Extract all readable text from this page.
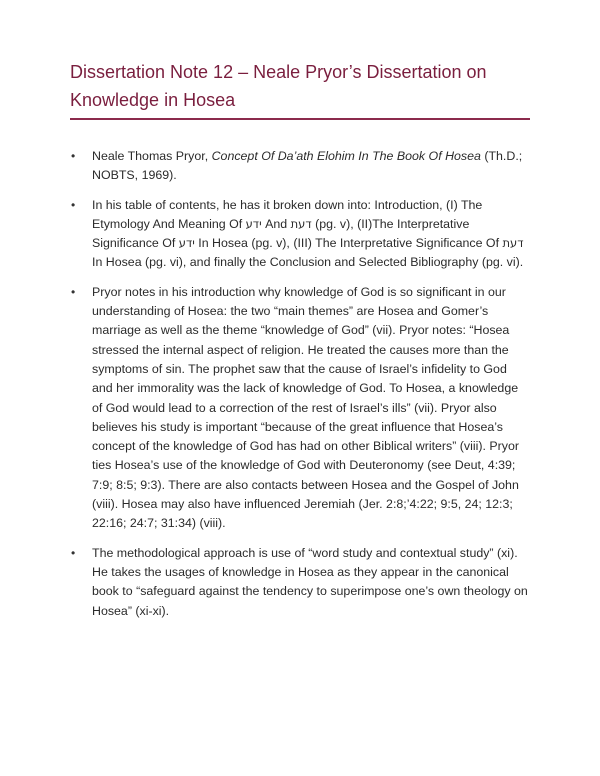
Dissertation Note 12 – Neale Pryor’s Dissertation on Knowledge in Hosea
• Neale Thomas Pryor, Concept Of Da’ath Elohim In The Book Of Hosea (Th.D.; NOBTS, 1969).
• In his table of contents, he has it broken down into: Introduction, (I) The Etymology And Meaning Of ידע And דעת (pg. v), (II)The Interpretative Significance Of ידע In Hosea (pg. v), (III) The Interpretative Significance Of דעת In Hosea (pg. vi), and finally the Conclusion and Selected Bibliography (pg. vi).
• Pryor notes in his introduction why knowledge of God is so significant in our understanding of Hosea: the two “main themes” are Hosea and Gomer’s marriage as well as the theme “knowledge of God” (vii). Pryor notes: “Hosea stressed the internal aspect of religion. He treated the causes more than the symptoms of sin. The prophet saw that the cause of Israel’s infidelity to God and her immorality was the lack of knowledge of God. To Hosea, a knowledge of God would lead to a correction of the rest of Israel’s ills” (vii). Pryor also believes his study is important “because of the great influence that Hosea’s concept of the knowledge of God has had on other Biblical writers” (viii). Pryor ties Hosea’s use of the knowledge of God with Deuteronomy (see Deut, 4:39; 7:9; 8:5; 9:3). There are also contacts between Hosea and the Gospel of John (viii). Hosea may also have influenced Jeremiah (Jer. 2:8;’4:22; 9:5, 24; 12:3; 22:16; 24:7; 31:34) (viii).
• The methodological approach is use of “word study and contextual study” (xi). He takes the usages of knowledge in Hosea as they appear in the canonical book to “safeguard against the tendency to superimpose one’s own theology on Hosea” (xi-xi).
